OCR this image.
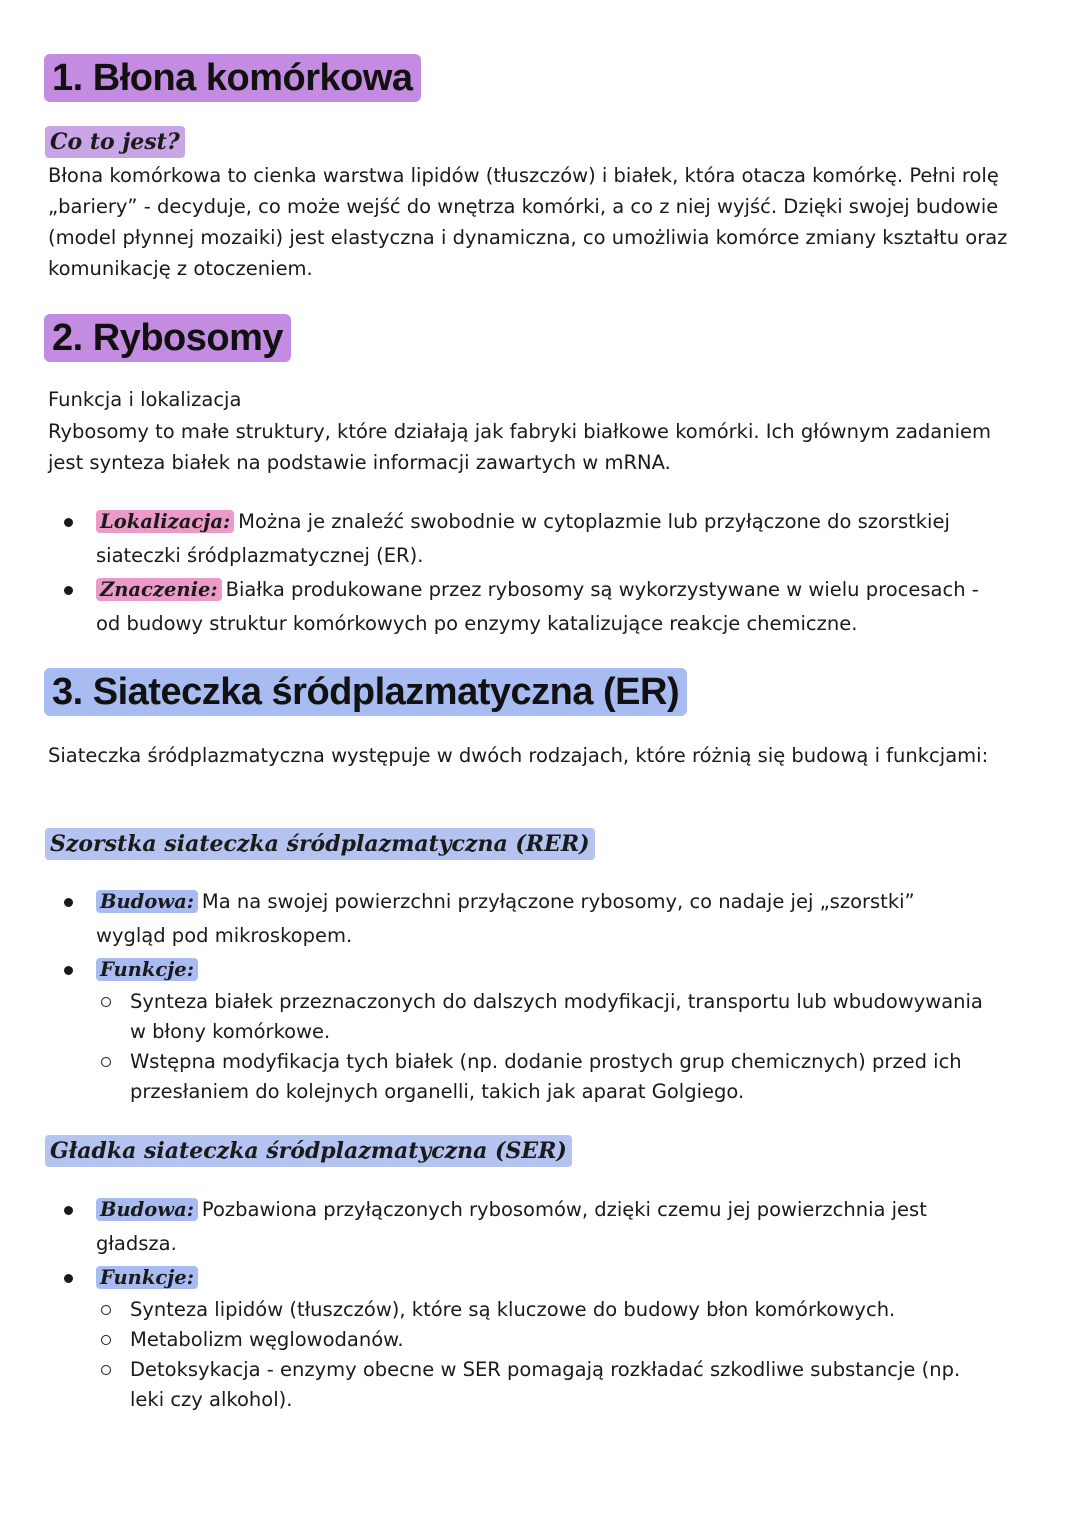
1. Błona komórkowa
Co to jest?

Błona komórkowa to cienka warstwa lipidów (tłuszczów) i białek, która otacza komórkę. Pełni rolę „bariery” - decyduje, co może wejść do wnętrza komórki, a co z niej wyjść. Dzięki swojej budowie (model płynnej mozaiki) jest elastyczna i dynamiczna, co umożliwia komórce zmiany kształtu oraz komunikację z otoczeniem.

2. Rybosomy

Funkcja i lokalizacja

Rybosomy to małe struktury, które działają jak fabryki białkowe komórki. Ich głównym zadaniem jest synteza białek na podstawie informacji zawartych w mRNA.

Lokalizacja: Można je znaleźć swobodnie w cytoplazmie lub przyłączone do szorstkiej siateczki śródplazmatycznej (ER).
Znaczenie: Białka produkowane przez rybosomy są wykorzystywane w wielu procesach - od budowy struktur komórkowych po enzymy katalizujące reakcje chemiczne.
3. Siateczka śródplazmatyczna (ER)

Siateczka śródplazmatyczna występuje w dwóch rodzajach, które różnią się budową i funkcjami:

Szorstka siateczka śródplazmatyczna (RER)
Budowa: Ma na swojej powierzchni przyłączone rybosomy, co nadaje jej „szorstki” wygląd pod mikroskopem.
Funkcje:
Synteza białek przeznaczonych do dalszych modyfikacji, transportu lub wbudowywania w błony komórkowe.
Wstępna modyfikacja tych białek (np. dodanie prostych grup chemicznych) przed ich przesłaniem do kolejnych organelli, takich jak aparat Golgiego.
Gładka siateczka śródplazmatyczna (SER)
Budowa: Pozbawiona przyłączonych rybosomów, dzięki czemu jej powierzchnia jest gładsza.
Funkcje:
Synteza lipidów (tłuszczów), które są kluczowe do budowy błon komórkowych.
Metabolizm węglowodanów.
Detoksykacja - enzymy obecne w SER pomagają rozkładać szkodliwe substancje (np. leki czy alkohol).
